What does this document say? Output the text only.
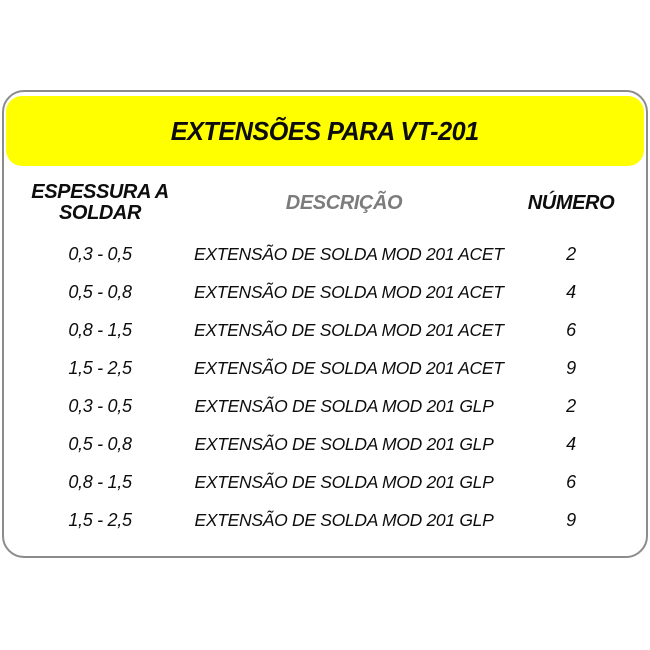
EXTENSÕES PARA VT-201
ESPESSURA A SOLDAR	DESCRIÇÃO	NÚMERO
0,3 - 0,5	EXTENSÃO DE SOLDA MOD 201 ACET	2
0,5 - 0,8	EXTENSÃO DE SOLDA MOD 201 ACET	4
0,8 - 1,5	EXTENSÃO DE SOLDA MOD 201 ACET	6
1,5 - 2,5	EXTENSÃO DE SOLDA MOD 201 ACET	9
0,3 - 0,5	EXTENSÃO DE SOLDA MOD 201 GLP	2
0,5 - 0,8	EXTENSÃO DE SOLDA MOD 201 GLP	4
0,8 - 1,5	EXTENSÃO DE SOLDA MOD 201 GLP	6
1,5 - 2,5	EXTENSÃO DE SOLDA MOD 201 GLP	9
